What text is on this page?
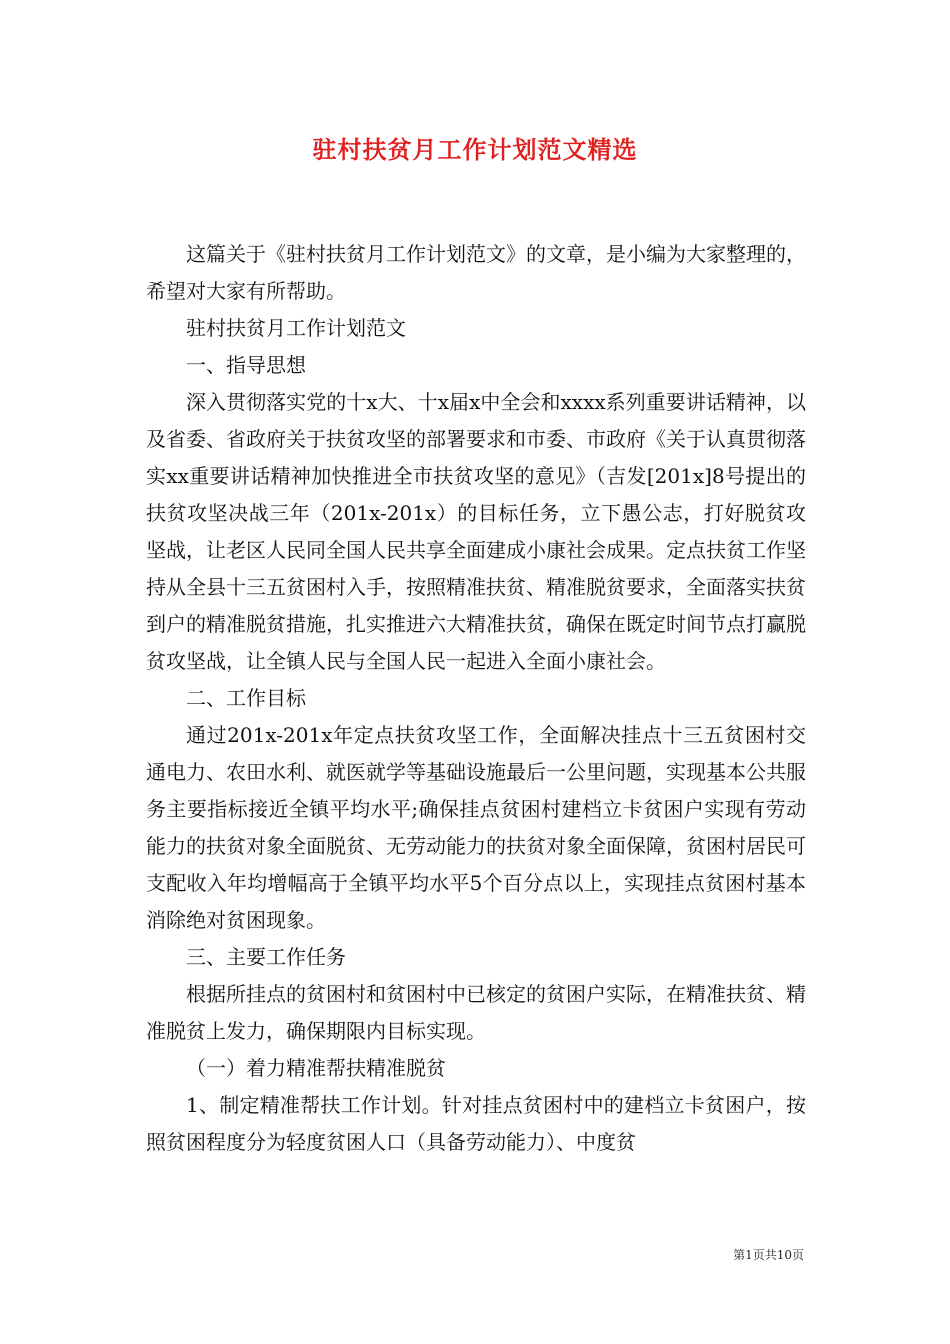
驻村扶贫月工作计划范文精选

这篇关于《驻村扶贫月工作计划范文》的文章，是小编为大家整理的，希望对大家有所帮助。

驻村扶贫月工作计划范文

一、指导思想

深入贯彻落实党的十x大、十x届x中全会和xxxx系列重要讲话精神，以及省委、省政府关于扶贫攻坚的部署要求和市委、市政府《关于认真贯彻落实xx重要讲话精神加快推进全市扶贫攻坚的意见》（吉发[201x]8号提出的扶贫攻坚决战三年（201x-201x）的目标任务，立下愚公志，打好脱贫攻坚战，让老区人民同全国人民共享全面建成小康社会成果。定点扶贫工作坚持从全县十三五贫困村入手，按照精准扶贫、精准脱贫要求，全面落实扶贫到户的精准脱贫措施，扎实推进六大精准扶贫，确保在既定时间节点打赢脱贫攻坚战，让全镇人民与全国人民一起进入全面小康社会。

二、工作目标

通过201x-201x年定点扶贫攻坚工作，全面解决挂点十三五贫困村交通电力、农田水利、就医就学等基础设施最后一公里问题，实现基本公共服务主要指标接近全镇平均水平;确保挂点贫困村建档立卡贫困户实现有劳动能力的扶贫对象全面脱贫、无劳动能力的扶贫对象全面保障，贫困村居民可支配收入年均增幅高于全镇平均水平5个百分点以上，实现挂点贫困村基本消除绝对贫困现象。

三、主要工作任务

根据所挂点的贫困村和贫困村中已核定的贫困户实际，在精准扶贫、精准脱贫上发力，确保期限内目标实现。

（一）着力精准帮扶精准脱贫

1、制定精准帮扶工作计划。针对挂点贫困村中的建档立卡贫困户，按照贫困程度分为轻度贫困人口（具备劳动能力）、中度贫

第1页共10页
